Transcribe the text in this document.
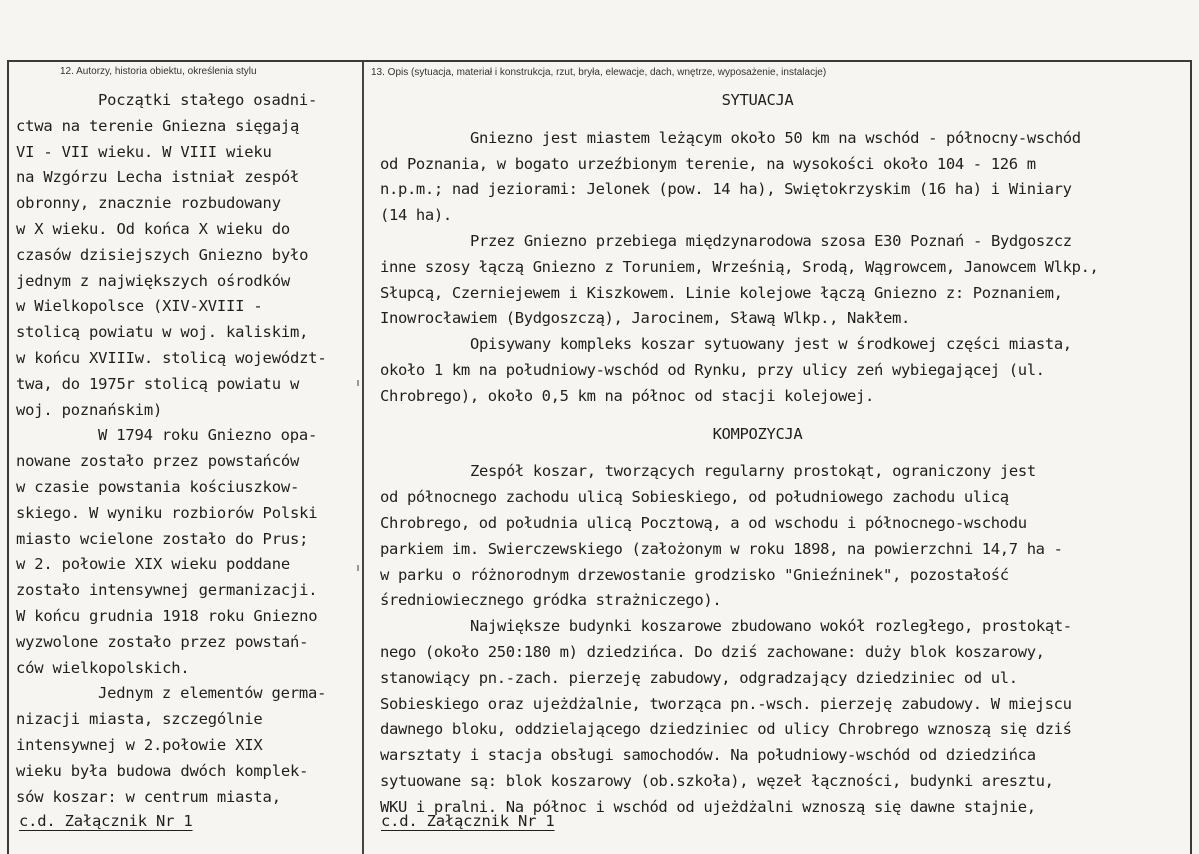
12. Autorzy, historia obiektu, określenia stylu	13. Opis (sytuacja, materiał i konstrukcja, rzut, bryła, elewacje, dach, wnętrze, wyposażenie, instalacje)
Początki stałego osadni-
ctwa na terenie Gniezna sięgają
VI - VII wieku. W VIII wieku
na Wzgórzu Lecha istniał zespół
obronny, znacznie rozbudowany
w X wieku. Od końca X wieku do
czasów dzisiejszych Gniezno było
jednym z największych ośrodków
w Wielkopolsce (XIV-XVIII -
stolicą powiatu w woj. kaliskim,
w końcu XVIIIw. stolicą województ-
twa, do 1975r stolicą powiatu w
woj. poznańskim)
W 1794 roku Gniezno opa-
nowane zostało przez powstańców
w czasie powstania kościuszkow-
skiego. W wyniku rozbiorów Polski
miasto wcielone zostało do Prus;
w 2. połowie XIX wieku poddane
zostało intensywnej germanizacji.
W końcu grudnia 1918 roku Gniezno
wyzwolone zostało przez powstań-
ców wielkopolskich.
Jednym z elementów germa-
nizacji miasta, szczególnie
intensywnej w 2.połowie XIX
wieku była budowa dwóch komplek-
sów koszar: w centrum miasta,
c.d. Załącznik Nr 1
SYTUACJA
Gniezno jest miastem leżącym około 50 km na wschód - północny-wschód
od Poznania, w bogato urzeźbionym terenie, na wysokości około 104 - 126 m
n.p.m.; nad jeziorami: Jelonek (pow. 14 ha), Swiętokrzyskim (16 ha) i Winiary
(14 ha).
Przez Gniezno przebiega międzynarodowa szosa E30 Poznań - Bydgoszcz
inne szosy łączą Gniezno z Toruniem, Wrześnią, Srodą, Wągrowcem, Janowcem Wlkp.,
Słupcą, Czerniejewem i Kiszkowem. Linie kolejowe łączą Gniezno z: Poznaniem,
Inowrocławiem (Bydgoszczą), Jarocinem, Sławą Wlkp., Nakłem.
Opisywany kompleks koszar sytuowany jest w środkowej części miasta,
około 1 km na południowy-wschód od Rynku, przy ulicy zeń wybiegającej (ul.
Chrobrego), około 0,5 km na północ od stacji kolejowej.
KOMPOZYCJA
Zespół koszar, tworzących regularny prostokąt, ograniczony jest
od północnego zachodu ulicą Sobieskiego, od południowego zachodu ulicą
Chrobrego, od południa ulicą Pocztową, a od wschodu i północnego-wschodu
parkiem im. Swierczewskiego (założonym w roku 1898, na powierzchni 14,7 ha -
w parku o różnorodnym drzewostanie grodzisko "Gnieźninek", pozostałość
średniowiecznego gródka strażniczego).
Największe budynki koszarowe zbudowano wokół rozległego, prostokąt-
nego (około 250:180 m) dziedzińca. Do dziś zachowane: duży blok koszarowy,
stanowiący pn.-zach. pierzeję zabudowy, odgradzający dziedziniec od ul.
Sobieskiego oraz ujeżdżalnie, tworząca pn.-wsch. pierzeję zabudowy. W miejscu
dawnego bloku, oddzielającego dziedziniec od ulicy Chrobrego wznoszą się dziś
warsztaty i stacja obsługi samochodów. Na południowy-wschód od dziedzińca
sytuowane są: blok koszarowy (ob.szkoła), węzeł łączności, budynki aresztu,
WKU i pralni. Na północ i wschód od ujeżdżalni wznoszą się dawne stajnie,
c.d. Załącznik Nr 1
